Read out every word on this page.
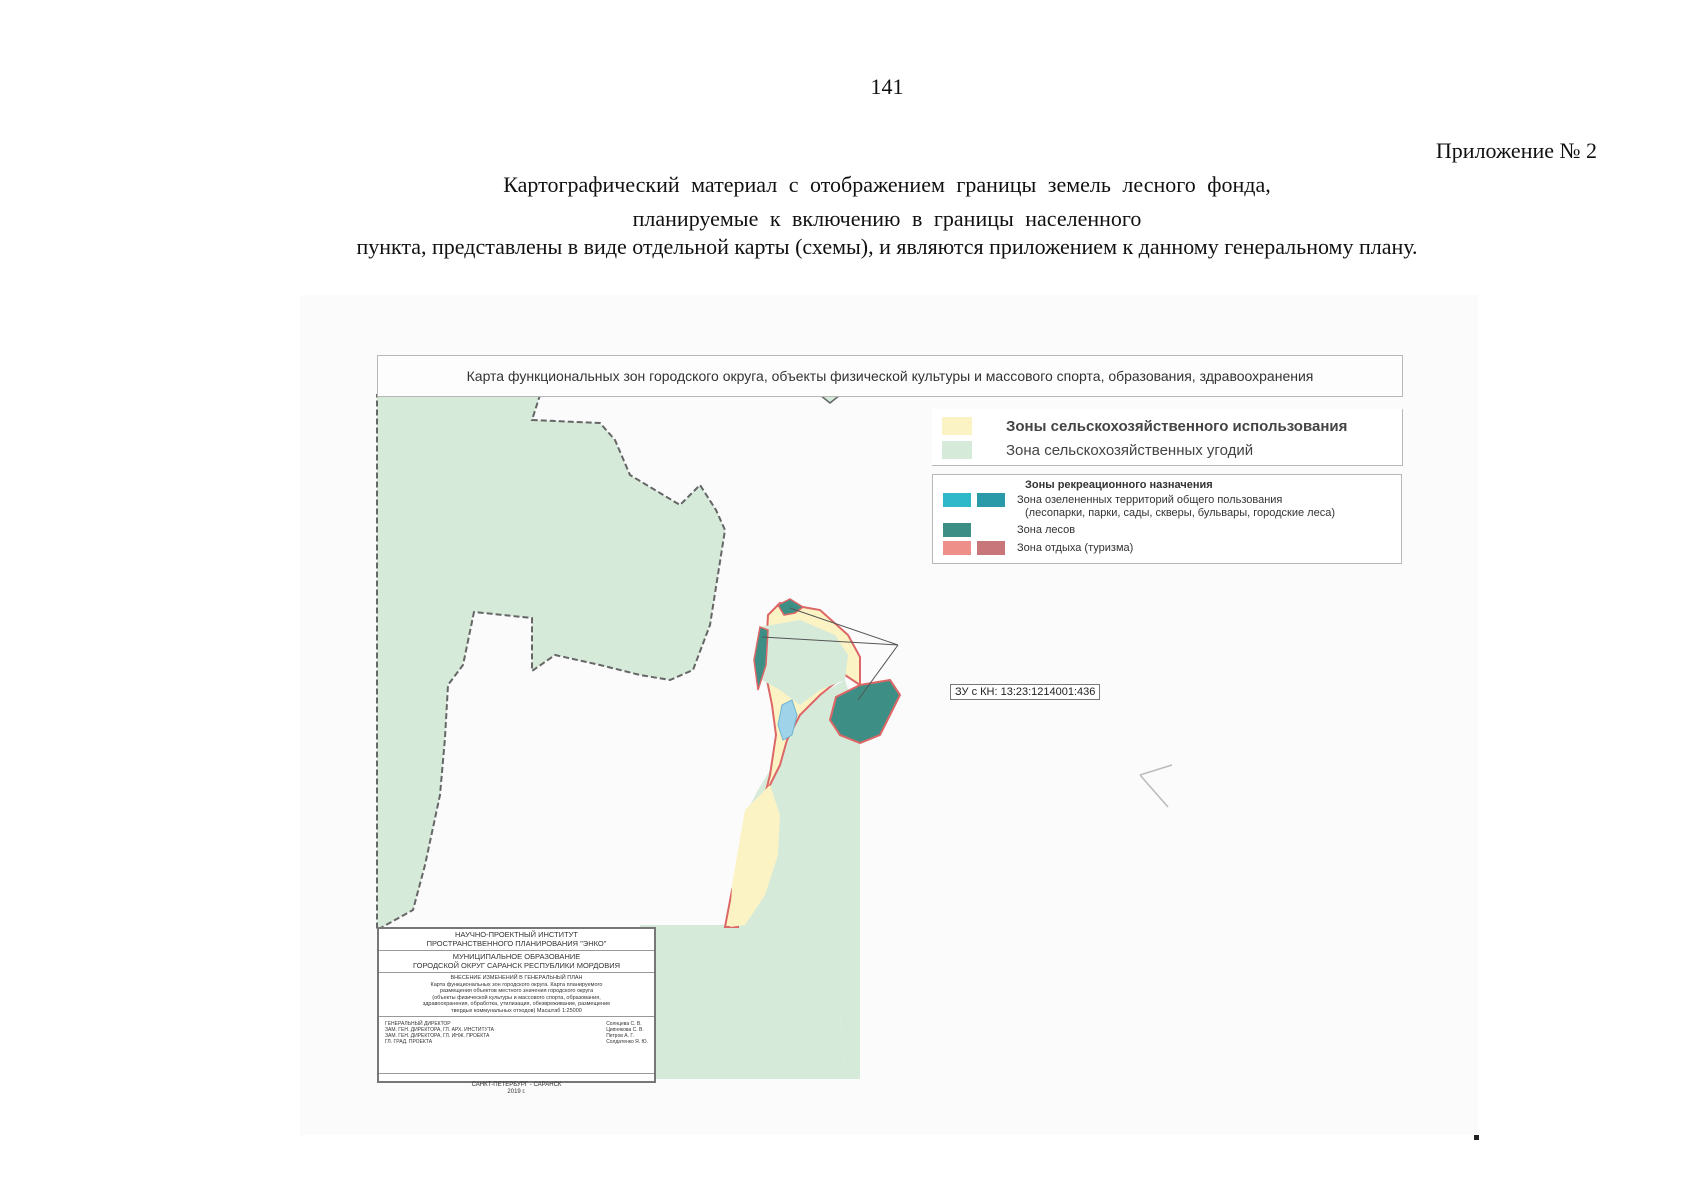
141
Приложение № 2
Картографический материал с отображением границы земель лесного фонда,
планируемые к включению в границы населенного
пункта, представлены в виде отдельной карты (схемы), и являются приложением к данному генеральному плану.
Карта функциональных зон городского округа, объекты физической культуры и массового спорта, образования, здравоохранения
Зоны сельскохозяйственного использования
Зона сельскохозяйственных угодий
Зоны рекреационного назначения
Зона озелененных территорий общего пользования
(лесопарки, парки, сады, скверы, бульвары, городские леса)
Зона лесов
Зона отдыха (туризма)
ЗУ с КН: 13:23:1214001:436
НАУЧНО-ПРОЕКТНЫЙ ИНСТИТУТ
ПРОСТРАНСТВЕННОГО ПЛАНИРОВАНИЯ "ЭНКО"
МУНИЦИПАЛЬНОЕ ОБРАЗОВАНИЕ
ГОРОДСКОЙ ОКРУГ САРАНСК РЕСПУБЛИКИ МОРДОВИЯ
ВНЕСЕНИЕ ИЗМЕНЕНИЙ В ГЕНЕРАЛЬНЫЙ ПЛАН
Карта функциональных зон городского округа. Карта планируемого
размещения объектов местного значения городского округа
(объекты физической культуры и массового спорта, образования,
здравоохранения, обработка, утилизация, обезвреживание, размещение
твердых коммунальных отходов) Масштаб 1:25000
ГЕНЕРАЛЬНЫЙ ДИРЕКТОР
ЗАМ. ГЕН. ДИРЕКТОРА, ГЛ. АРХ. ИНСТИТУТА
ЗАМ. ГЕН. ДИРЕКТОРА, ГЛ. ИНЖ. ПРОЕКТА
ГЛ. ГРАД. ПРОЕКТА
Солнцева С. В.
Ципнякова С. В.
Петров А. Г.
Солдатенко Я. Ю.
САНКТ-ПЕТЕРБУРГ - САРАНСК
2019 г.
